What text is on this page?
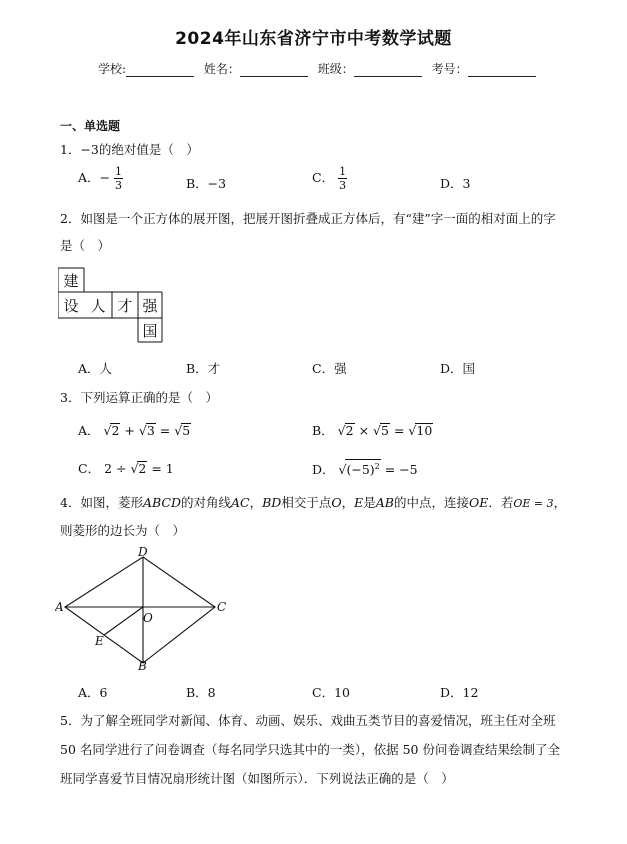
2024年山东省济宁市中考数学试题
学校:	姓名：	班级：	考号：
一、单选题
1．−3的绝对值是（　）
A．− $\frac{1}{3}$	B．−3	C． $\frac{1}{3}$	D．3
2．如图是一个正方体的展开图，把展开图折叠成正方体后，有“建”字一面的相对面上的字
是（　）
建
设 人 才 强
国
A．人	B．才	C．强	D．国
3．下列运算正确的是（　）
A． √2 + √3 = √5	B． √2 × √5 = √10
C． 2 ÷ √2 = 1	D． $√(-5)^2 = -5$
4．如图，菱形ABCD的对角线AC，BD相交于点O，E是AB的中点，连接OE．若OE = 3，
则菱形的边长为（　）
A
D
C
B
O
E
A．6	B．8	C．10	D．12
5．为了解全班同学对新闻、体育、动画、娱乐、戏曲五类节目的喜爱情况，班主任对全班
50 名同学进行了问卷调查（每名同学只选其中的一类），依据 50 份问卷调查结果绘制了全
班同学喜爱节目情况扇形统计图（如图所示）．下列说法正确的是（　）
